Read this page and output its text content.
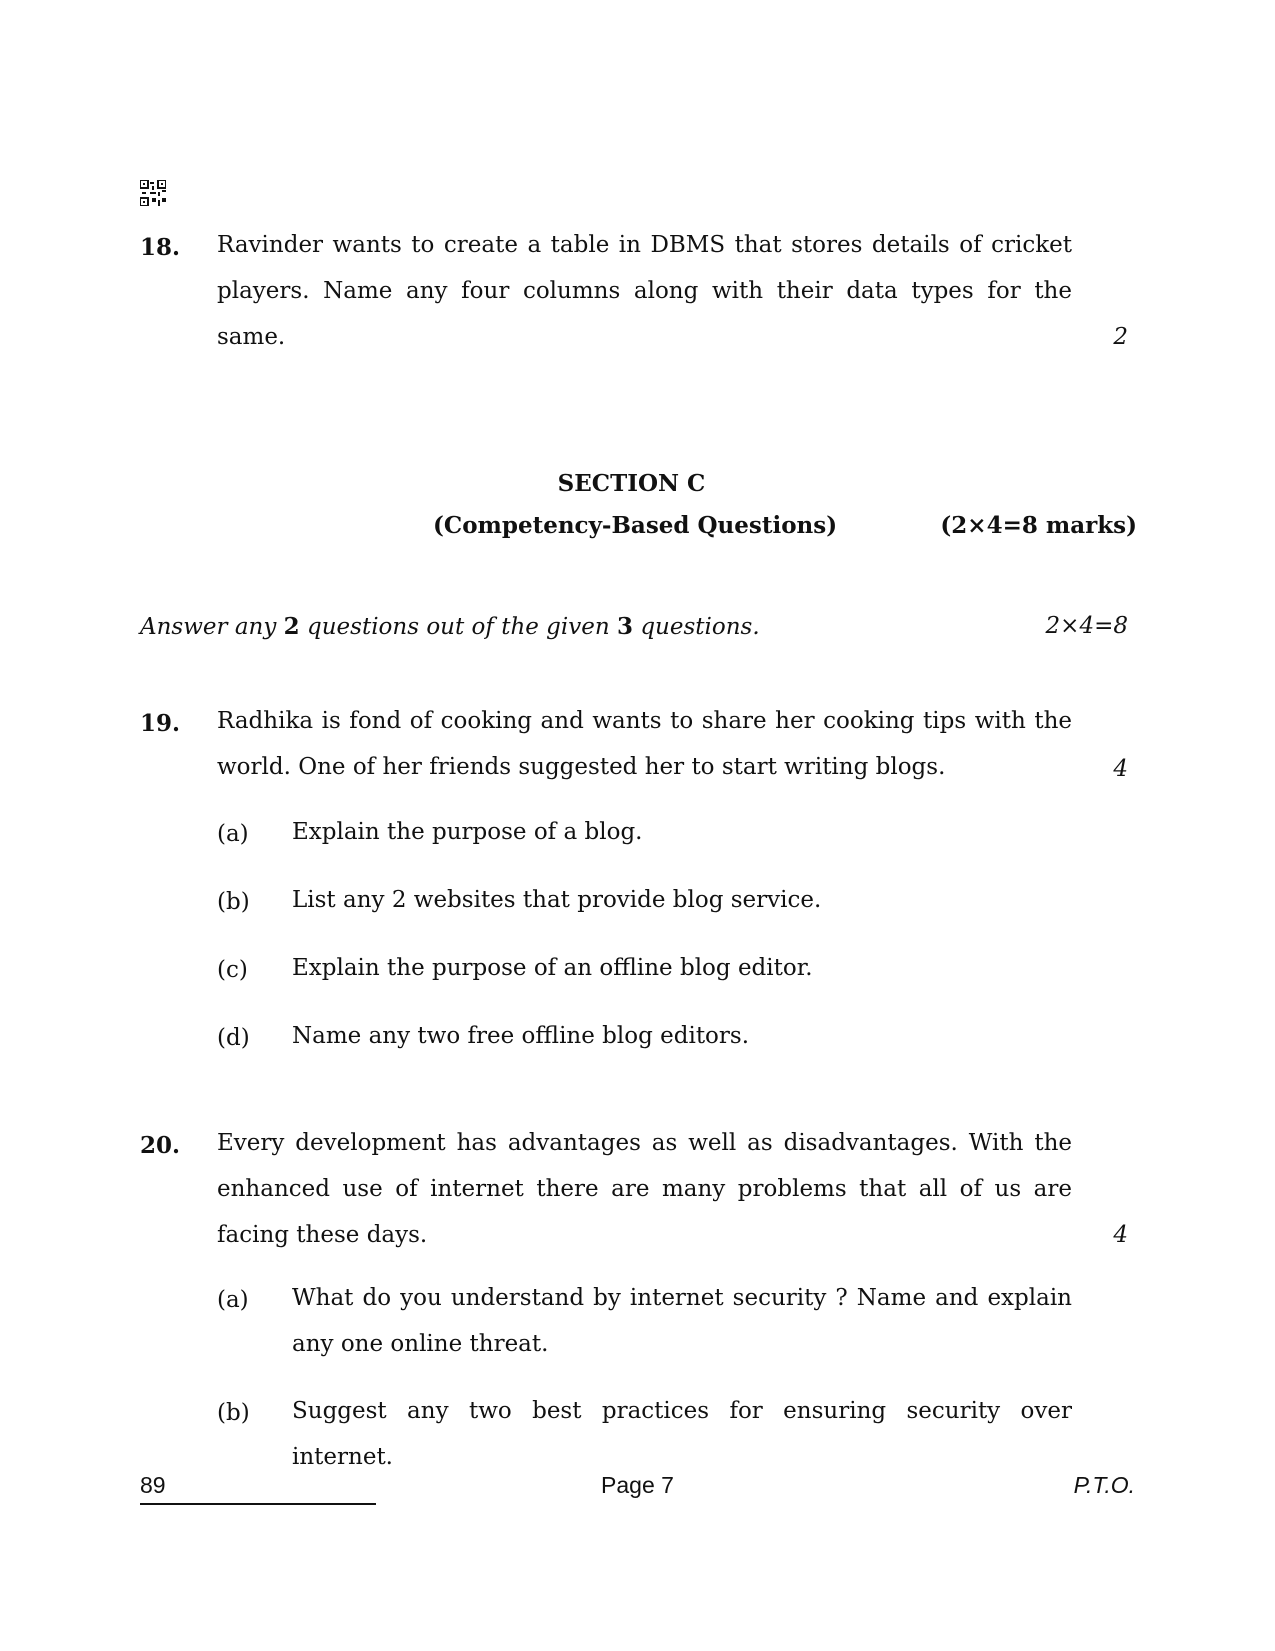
18. Ravinder wants to create a table in DBMS that stores details of cricket players. Name any four columns along with their data types for the same.	2
SECTION C
(Competency-Based Questions)	(2×4=8 marks)
Answer any 2 questions out of the given 3 questions.	2×4=8
19. Radhika is fond of cooking and wants to share her cooking tips with the world. One of her friends suggested her to start writing blogs.	4
(a) Explain the purpose of a blog.
(b) List any 2 websites that provide blog service.
(c) Explain the purpose of an offline blog editor.
(d) Name any two free offline blog editors.
20. Every development has advantages as well as disadvantages. With the enhanced use of internet there are many problems that all of us are facing these days.	4
(a) What do you understand by internet security ? Name and explain any one online threat.
(b) Suggest any two best practices for ensuring security over internet.
89	Page 7	P.T.O.
